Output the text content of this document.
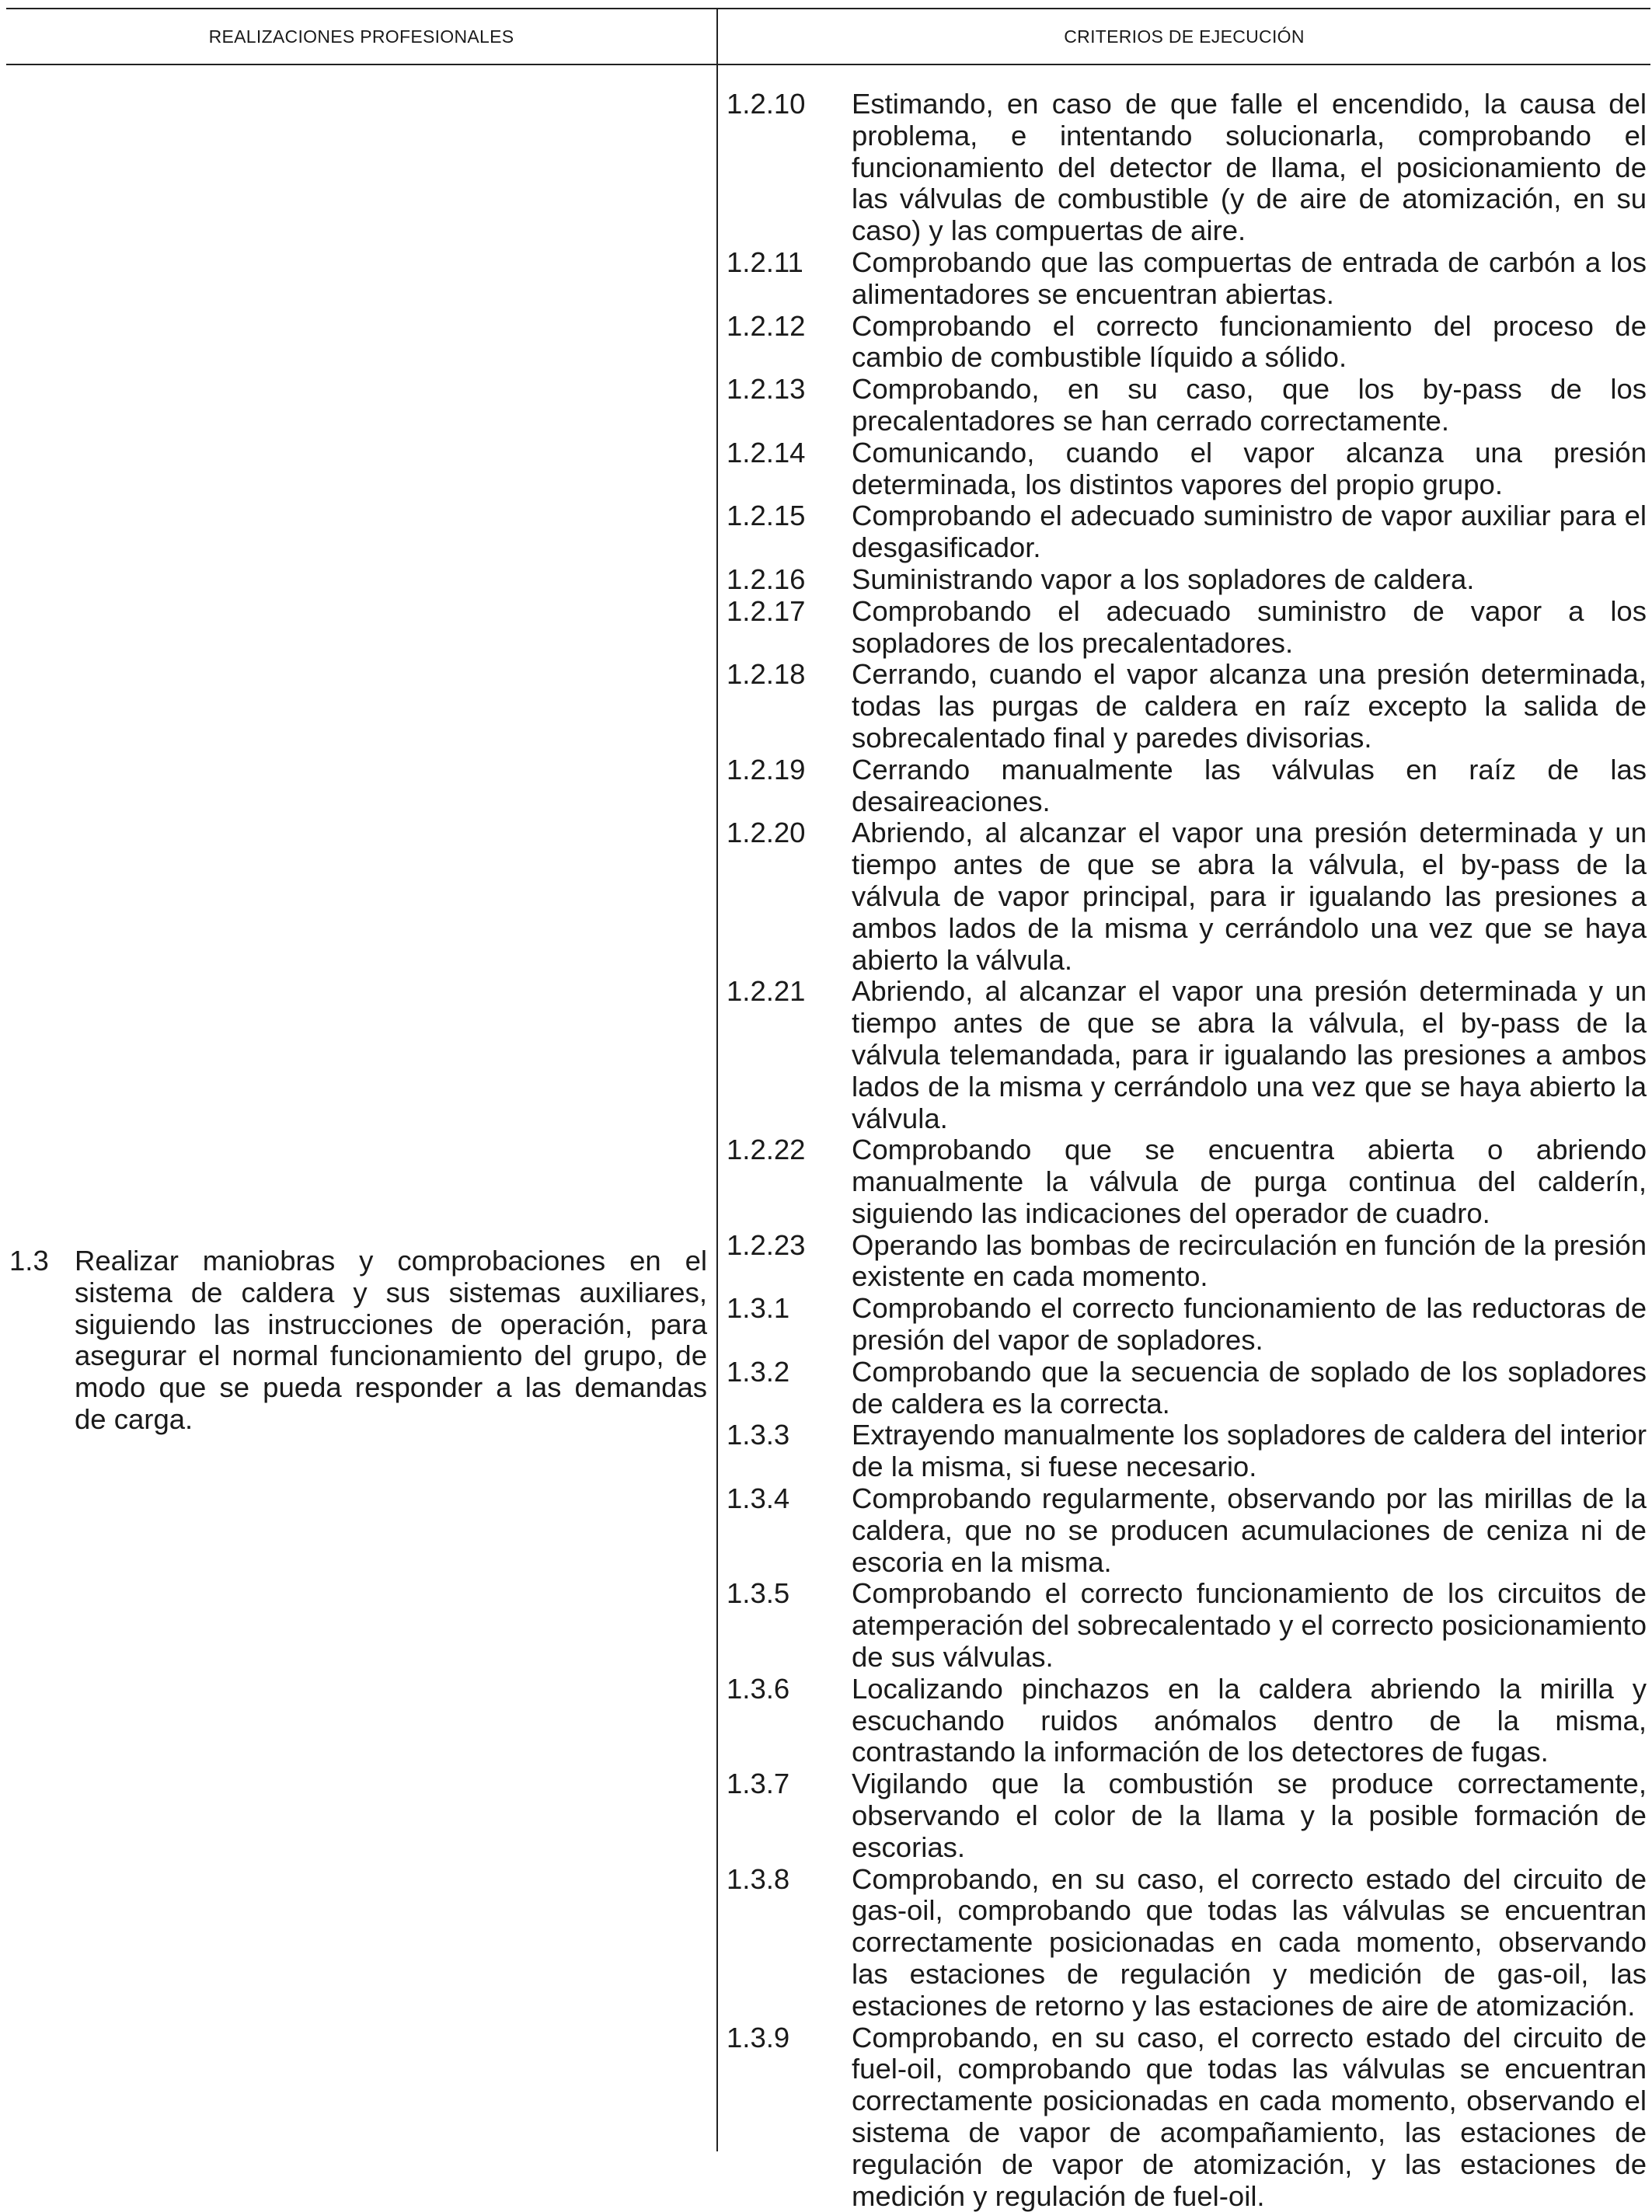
REALIZACIONES PROFESIONALES	CRITERIOS DE EJECUCIÓN
1.3 Realizar maniobras y comprobaciones en el sistema de caldera y sus sistemas auxiliares, siguiendo las instrucciones de operación, para asegurar el normal funcionamiento del grupo, de modo que se pueda responder a las demandas de carga.
1.2.10	Estimando, en caso de que falle el encendido, la causa del problema, e intentando solucionarla, comprobando el funcionamiento del detector de llama, el posicionamiento de las válvulas de combustible (y de aire de atomización, en su caso) y las compuertas de aire.
1.2.11	Comprobando que las compuertas de entrada de carbón a los alimentadores se encuentran abiertas.
1.2.12	Comprobando el correcto funcionamiento del proceso de cambio de combustible líquido a sólido.
1.2.13	Comprobando, en su caso, que los by-pass de los precalentadores se han cerrado correctamente.
1.2.14	Comunicando, cuando el vapor alcanza una presión determinada, los distintos vapores del propio grupo.
1.2.15	Comprobando el adecuado suministro de vapor auxiliar para el desgasificador.
1.2.16	Suministrando vapor a los sopladores de caldera.
1.2.17	Comprobando el adecuado suministro de vapor a los sopladores de los precalentadores.
1.2.18	Cerrando, cuando el vapor alcanza una presión determinada, todas las purgas de caldera en raíz excepto la salida de sobrecalentado final y paredes divisorias.
1.2.19	Cerrando manualmente las válvulas en raíz de las desaireaciones.
1.2.20	Abriendo, al alcanzar el vapor una presión determinada y un tiempo antes de que se abra la válvula, el by-pass de la válvula de vapor principal, para ir igualando las presiones a ambos lados de la misma y cerrándolo una vez que se haya abierto la válvula.
1.2.21	Abriendo, al alcanzar el vapor una presión determinada y un tiempo antes de que se abra la válvula, el by-pass de la válvula telemandada, para ir igualando las presiones a ambos lados de la misma y cerrándolo una vez que se haya abierto la válvula.
1.2.22	Comprobando que se encuentra abierta o abriendo manualmente la válvula de purga continua del calderín, siguiendo las indicaciones del operador de cuadro.
1.2.23	Operando las bombas de recirculación en función de la presión existente en cada momento.
1.3.1	Comprobando el correcto funcionamiento de las reductoras de presión del vapor de sopladores.
1.3.2	Comprobando que la secuencia de soplado de los sopladores de caldera es la correcta.
1.3.3	Extrayendo manualmente los sopladores de caldera del interior de la misma, si fuese necesario.
1.3.4	Comprobando regularmente, observando por las mirillas de la caldera, que no se producen acumulaciones de ceniza ni de escoria en la misma.
1.3.5	Comprobando el correcto funcionamiento de los circuitos de atemperación del sobrecalentado y el correcto posicionamiento de sus válvulas.
1.3.6	Localizando pinchazos en la caldera abriendo la mirilla y escuchando ruidos anómalos dentro de la misma, contrastando la información de los detectores de fugas.
1.3.7	Vigilando que la combustión se produce correctamente, observando el color de la llama y la posible formación de escorias.
1.3.8	Comprobando, en su caso, el correcto estado del circuito de gas-oil, comprobando que todas las válvulas se encuentran correctamente posicionadas en cada momento, observando las estaciones de regulación y medición de gas-oil, las estaciones de retorno y las estaciones de aire de atomización.
1.3.9	Comprobando, en su caso, el correcto estado del circuito de fuel-oil, comprobando que todas las válvulas se encuentran correctamente posicionadas en cada momento, observando el sistema de vapor de acompañamiento, las estaciones de regulación de vapor de atomización, y las estaciones de medición y regulación de fuel-oil.
